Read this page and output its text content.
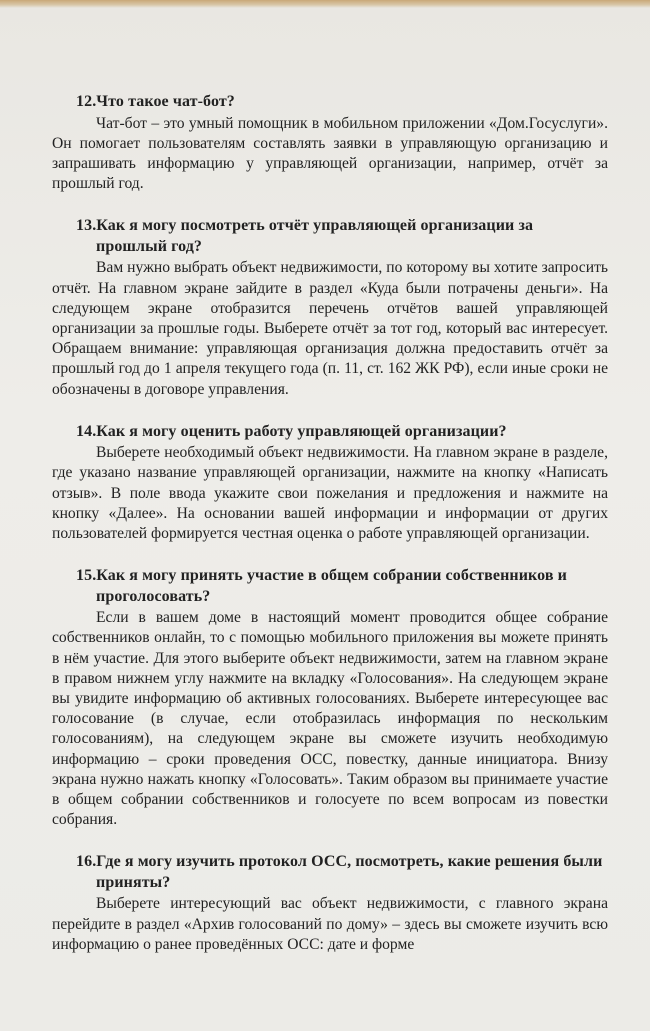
12.Что такое чат-бот?

Чат-бот – это умный помощник в мобильном приложении «Дом.Госуслуги». Он помогает пользователям составлять заявки в управляющую организацию и запрашивать информацию у управляющей организации, например, отчёт за прошлый год.

13.Как я могу посмотреть отчёт управляющей организации за прошлый год?

Вам нужно выбрать объект недвижимости, по которому вы хотите запросить отчёт. На главном экране зайдите в раздел «Куда были потрачены деньги». На следующем экране отобразится перечень отчётов вашей управляющей организации за прошлые годы. Выберете отчёт за тот год, который вас интересует. Обращаем внимание: управляющая организация должна предоставить отчёт за прошлый год до 1 апреля текущего года (п. 11, ст. 162 ЖК РФ), если иные сроки не обозначены в договоре управления.

14.Как я могу оценить работу управляющей организации?

Выберете необходимый объект недвижимости. На главном экране в разделе, где указано название управляющей организации, нажмите на кнопку «Написать отзыв». В поле ввода укажите свои пожелания и предложения и нажмите на кнопку «Далее». На основании вашей информации и информации от других пользователей формируется честная оценка о работе управляющей организации.

15.Как я могу принять участие в общем собрании собственников и проголосовать?

Если в вашем доме в настоящий момент проводится общее собрание собственников онлайн, то с помощью мобильного приложения вы можете принять в нём участие. Для этого выберите объект недвижимости, затем на главном экране в правом нижнем углу нажмите на вкладку «Голосования». На следующем экране вы увидите информацию об активных голосованиях. Выберете интересующее вас голосование (в случае, если отобразилась информация по нескольким голосованиям), на следующем экране вы сможете изучить необходимую информацию – сроки проведения ОСС, повестку, данные инициатора. Внизу экрана нужно нажать кнопку «Голосовать». Таким образом вы принимаете участие в общем собрании собственников и голосуете по всем вопросам из повестки собрания.

16.Где я могу изучить протокол ОСС, посмотреть, какие решения были приняты?

Выберете интересующий вас объект недвижимости, с главного экрана перейдите в раздел «Архив голосований по дому» – здесь вы сможете изучить всю информацию о ранее проведённых ОСС: дате и форме
